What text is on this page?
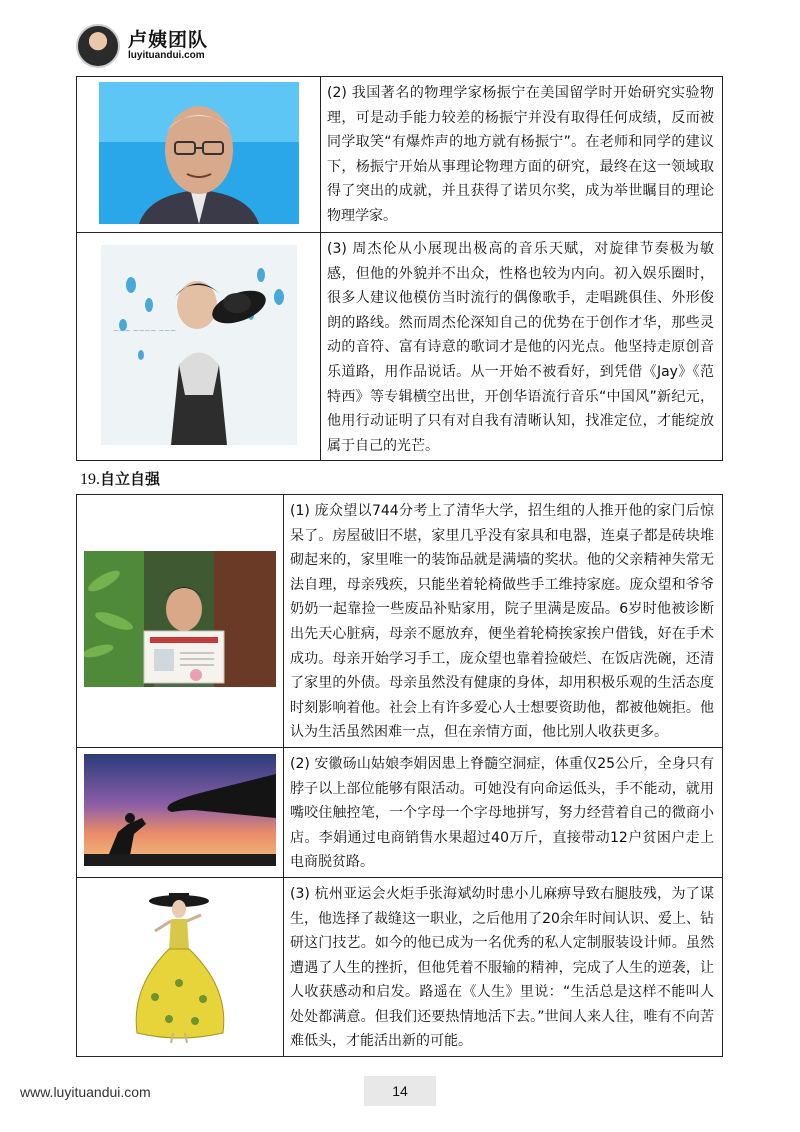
卢姨团队
luyituandui.com

(2) 我国著名的物理学家杨振宁在美国留学时开始研究实验物理，可是动手能力较差的杨振宁并没有取得任何成绩，反而被同学取笑“有爆炸声的地方就有杨振宁”。在老师和同学的建议下，杨振宁开始从事理论物理方面的研究，最终在这一领域取得了突出的成就，并且获得了诺贝尔奖，成为举世瞩目的理论物理学家。

~~~ ~~~~ ~~~	(3) 周杰伦从小展现出极高的音乐天赋，对旋律节奏极为敏感，但他的外貌并不出众，性格也较为内向。初入娱乐圈时，很多人建议他模仿当时流行的偶像歌手，走唱跳俱佳、外形俊朗的路线。然而周杰伦深知自己的优势在于创作才华，那些灵动的音符、富有诗意的歌词才是他的闪光点。他坚持走原创音乐道路，用作品说话。从一开始不被看好，到凭借《Jay》《范特西》等专辑横空出世，开创华语流行音乐“中国风”新纪元，他用行动证明了只有对自我有清晰认知，找准定位，才能绽放属于自己的光芒。
19.自立自强

(1) 庞众望以744分考上了清华大学，招生组的人推开他的家门后惊呆了。房屋破旧不堪，家里几乎没有家具和电器，连桌子都是砖块堆砌起来的，家里唯一的装饰品就是满墙的奖状。他的父亲精神失常无法自理，母亲残疾，只能坐着轮椅做些手工维持家庭。庞众望和爷爷奶奶一起靠捡一些废品补贴家用，院子里满是废品。6岁时他被诊断出先天心脏病，母亲不愿放弃，便坐着轮椅挨家挨户借钱，好在手术成功。母亲开始学习手工，庞众望也靠着捡破烂、在饭店洗碗，还清了家里的外债。母亲虽然没有健康的身体，却用积极乐观的生活态度时刻影响着他。社会上有许多爱心人士想要资助他，都被他婉拒。他认为生活虽然困难一点，但在亲情方面，他比别人收获更多。

(2) 安徽砀山姑娘李娟因患上脊髓空洞症，体重仅25公斤，全身只有脖子以上部位能够有限活动。可她没有向命运低头，手不能动，就用嘴咬住触控笔，一个字母一个字母地拼写，努力经营着自己的微商小店。李娟通过电商销售水果超过40万斤，直接带动12户贫困户走上电商脱贫路。

(3) 杭州亚运会火炬手张海斌幼时患小儿麻痹导致右腿肢残，为了谋生，他选择了裁缝这一职业，之后他用了20余年时间认识、爱上、钻研这门技艺。如今的他已成为一名优秀的私人定制服装设计师。虽然遭遇了人生的挫折，但他凭着不服输的精神，完成了人生的逆袭，让人收获感动和启发。路遥在《人生》里说：“生活总是这样不能叫人处处都满意。但我们还要热情地活下去。”世间人来人往，唯有不向苦难低头，才能活出新的可能。
www.luyituandui.com	14
